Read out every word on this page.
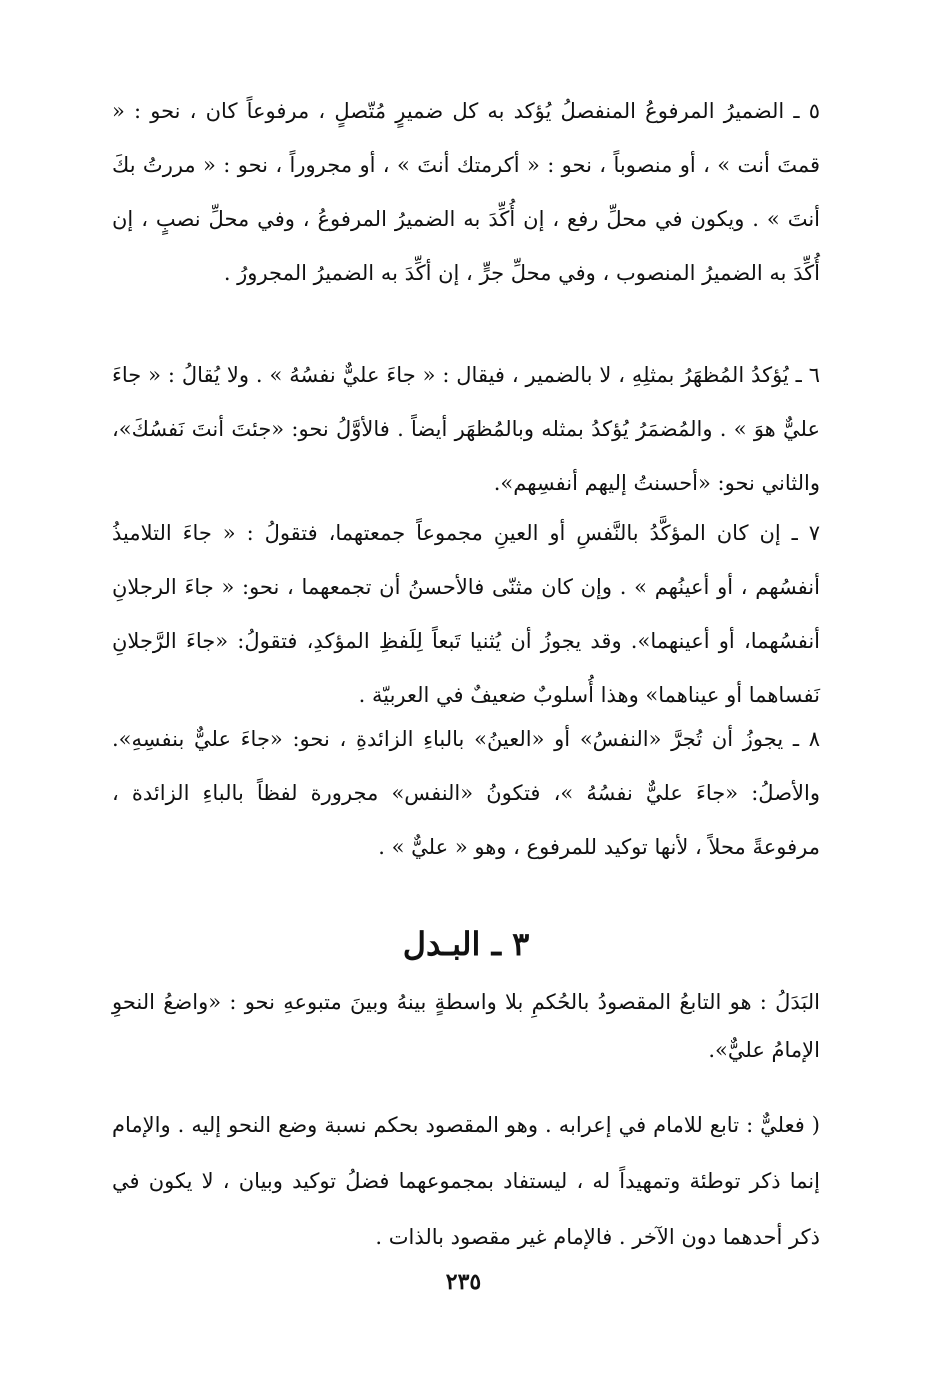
٥ ـ الضميرُ المرفوعُ المنفصلُ يُؤكد به كل ضميرٍ مُتّصلٍ ، مرفوعاً كان ، نحو : « قمتَ أنت » ، أو منصوباً ، نحو : « أكرمتك أنتَ » ، أو مجروراً ، نحو : « مررتُ بكَ أنتَ » . ويكون في محلِّ رفع ، إن أُكِّدَ به الضميرُ المرفوعُ ، وفي محلِّ نصبٍ ، إن أُكِّدَ به الضميرُ المنصوب ، وفي محلِّ جرٍّ ، إن أكِّدَ به الضميرُ المجرورُ .

٦ ـ يُؤكدُ المُظهَرُ بمثلِهِ ، لا بالضمير ، فيقال : « جاءَ عليٌّ نفسُهُ » . ولا يُقالُ : « جاءَ عليٌّ هوَ » . والمُضمَرُ يُؤكدُ بمثله وبالمُظهَر أيضاً . فالأوَّلُ نحو: «جئتَ أنتَ نَفسُكَ»، والثاني نحو: «أحسنتُ إليهم أنفسِهم».

٧ ـ إن كان المؤكَّدُ بالنَّفسِ أو العينِ مجموعاً جمعتهما، فتقولُ : « جاءَ التلاميذُ أنفسُهم ، أو أعينُهم » . وإن كان مثنّى فالأحسنُ أن تجمعهما ، نحو: « جاءَ الرجلانِ أنفسُهما، أو أعينهما». وقد يجوزُ أن يُثنيا تَبعاً لِلَفظِ المؤكدِ، فتقولُ: «جاءَ الرَّجلانِ نَفساهما أو عيناهما» وهذا أُسلوبٌ ضعيفٌ في العربيّة .

٨ ـ يجوزُ أن تُجرَّ «النفسُ» أو «العينُ» بالباءِ الزائدةِ ، نحو: «جاءَ عليٌّ بنفسِهِ». والأصلُ: «جاءَ عليٌّ نفسُهُ »، فتكونُ «النفس» مجرورة لفظاً بالباءِ الزائدة ، مرفوعةً محلاً ، لأنها توكيد للمرفوع ، وهو « عليٌّ » .

٣ ـ البـدل

البَدَلُ : هو التابعُ المقصودُ بالحُكمِ بلا واسطةٍ بينهُ وبينَ متبوعهِ نحو : «واضعُ النحوِ الإمامُ عليٌّ».

( فعليٌّ : تابع للامام في إعرابه . وهو المقصود بحكم نسبة وضع النحو إليه . والإمام إنما ذكر توطئة وتمهيداً له ، ليستفاد بمجموعهما فضلُ توكيد وبيان ، لا يكون في ذكر أحدهما دون الآخر . فالإمام غير مقصود بالذات .

٢٣٥
